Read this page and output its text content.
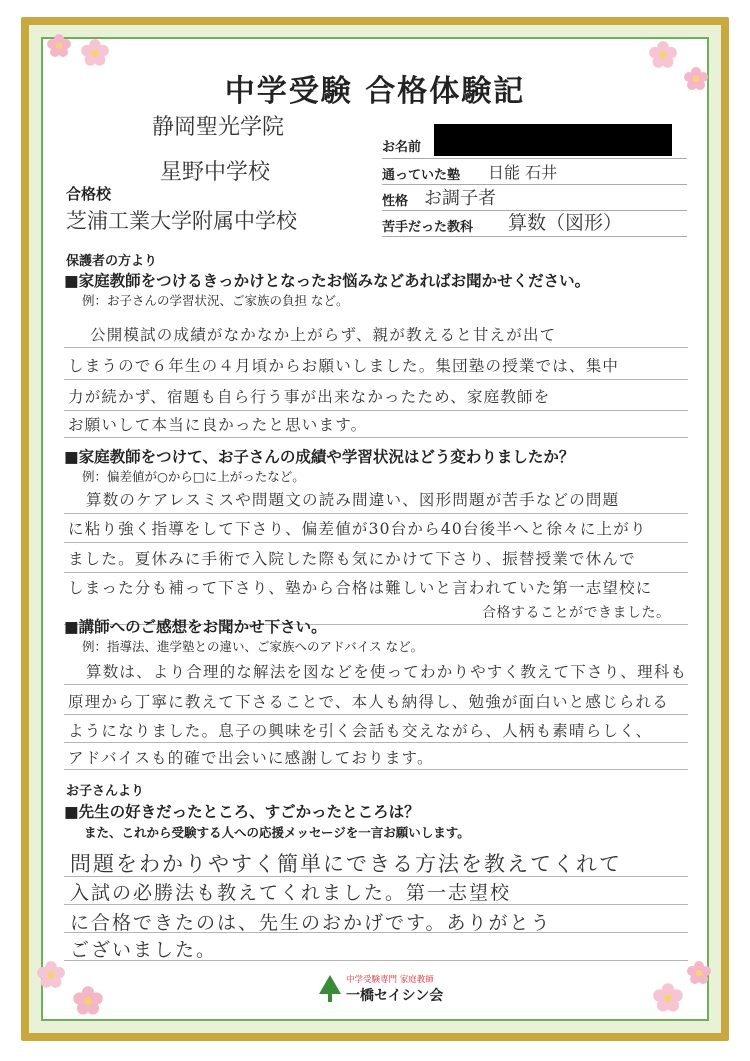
中学受験 合格体験記
静岡聖光学院
星野中学校
合格校
芝浦工業大学附属中学校
お名前
通っていた塾 日能 石井
性格 お調子者
苦手だった教科 算数（図形）
保護者の方より
■家庭教師をつけるきっかけとなったお悩みなどあればお聞かせください。
例：お子さんの学習状況、ご家族の負担 など。
公開模試の成績がなかなか上がらず、親が教えると甘えが出て
しまうので６年生の４月頃からお願いしました。集団塾の授業では、集中
力が続かず、宿題も自ら行う事が出来なかったため、家庭教師を
お願いして本当に良かったと思います。
■家庭教師をつけて、お子さんの成績や学習状況はどう変わりましたか？
例：偏差値が○から□に上がったなど。
算数のケアレスミスや問題文の読み間違い、図形問題が苦手などの問題
に粘り強く指導をして下さり、偏差値が30台から40台後半へと徐々に上がり
ました。夏休みに手術で入院した際も気にかけて下さり、振替授業で休んで
しまった分も補って下さり、塾から合格は難しいと言われていた第一志望校に
合格することができました。
■講師へのご感想をお聞かせ下さい。
例：指導法、進学塾との違い、ご家族へのアドバイス など。
算数は、より合理的な解法を図などを使ってわかりやすく教えて下さり、理科も
原理から丁寧に教えて下さることで、本人も納得し、勉強が面白いと感じられる
ようになりました。息子の興味を引く会話も交えながら、人柄も素晴らしく、
アドバイスも的確で出会いに感謝しております。
お子さんより
■先生の好きだったところ、すごかったところは？
また、これから受験する人への応援メッセージを一言お願いします。
問題をわかりやすく簡単にできる方法を教えてくれて
入試の必勝法も教えてくれました。第一志望校
に合格できたのは、先生のおかげです。ありがとう
ございました。
中学受験専門 家庭教師
一橋セイシン会
